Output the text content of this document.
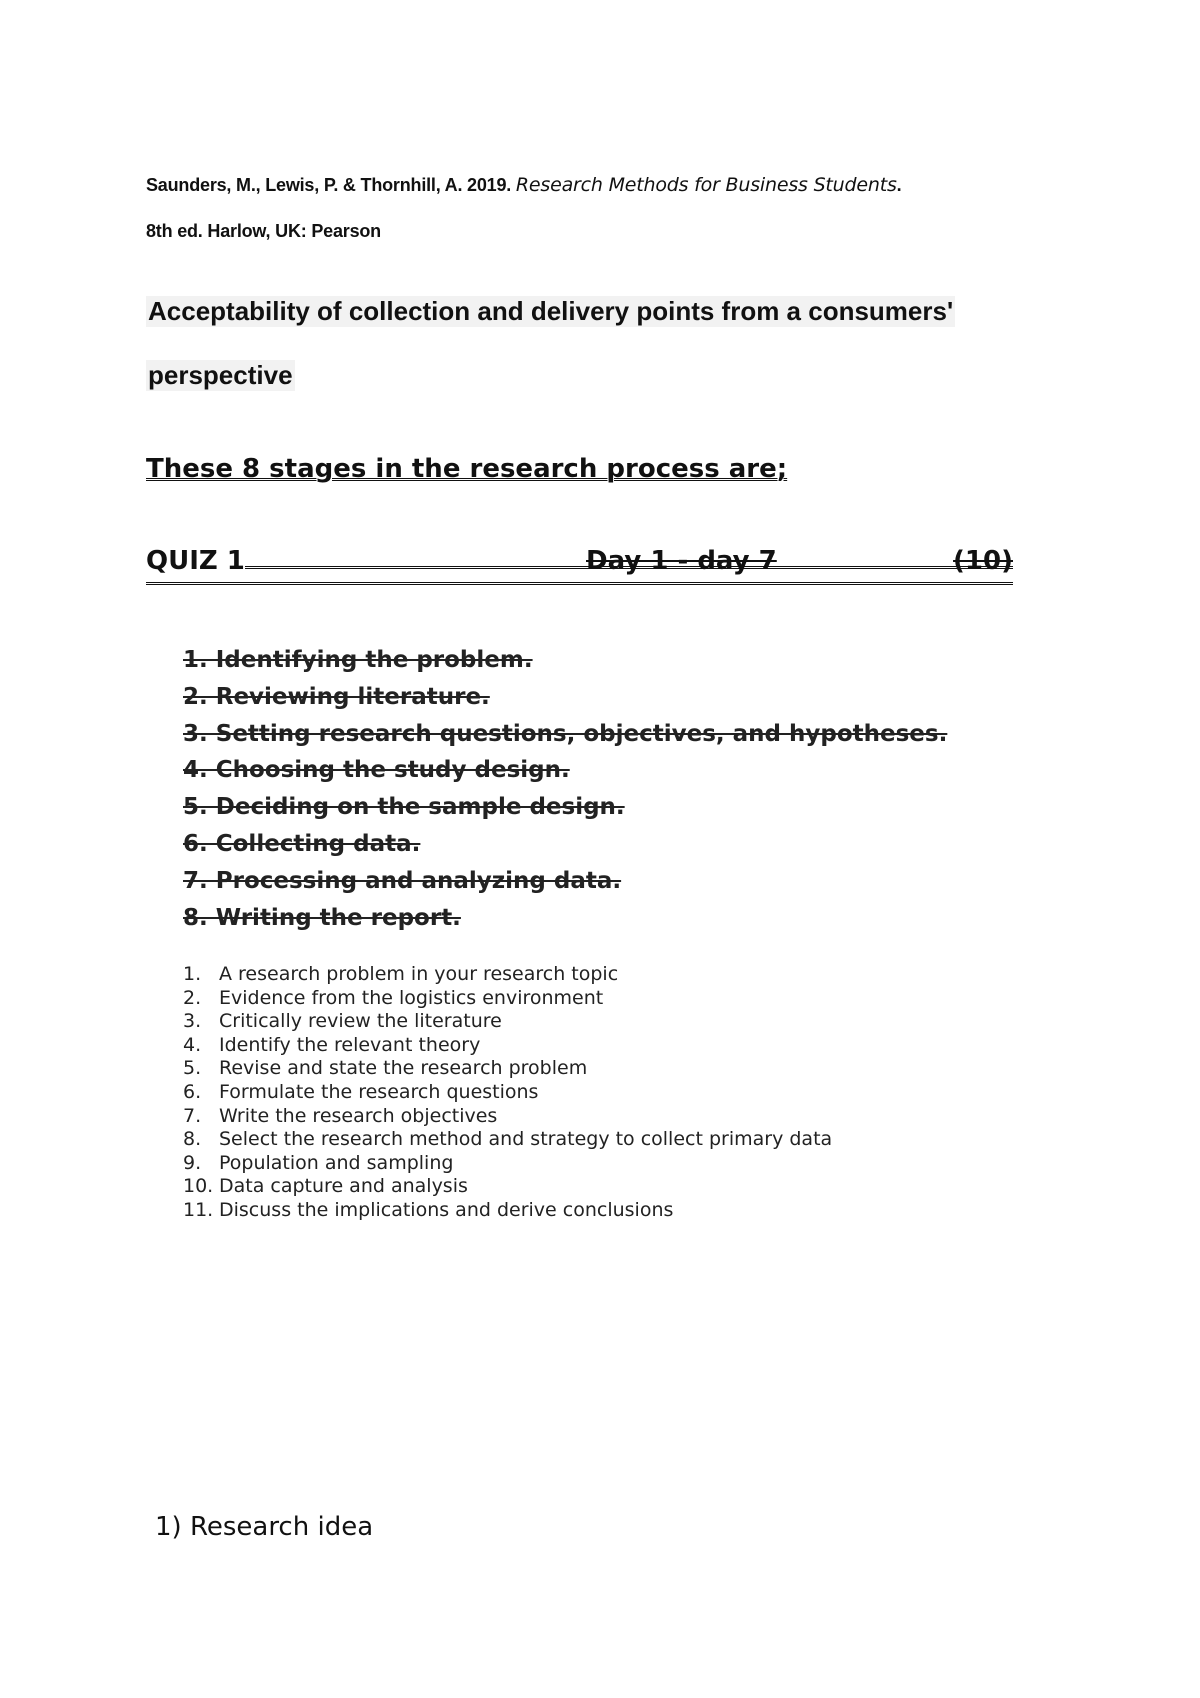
Saunders, M., Lewis, P. & Thornhill, A. 2019. Research Methods for Business Students.
8th ed. Harlow, UK: Pearson
Acceptability of collection and delivery points from a consumers'
perspective
These 8 stages in the research process are;
QUIZ 1	Day 1 - day 7	(10)
1. Identifying the problem.
2. Reviewing literature.
3. Setting research questions, objectives, and hypotheses.
4. Choosing the study design.
5. Deciding on the sample design.
6. Collecting data.
7. Processing and analyzing data.
8. Writing the report.
1. A research problem in your research topic
2. Evidence from the logistics environment
3. Critically review the literature
4. Identify the relevant theory
5. Revise and state the research problem
6. Formulate the research questions
7. Write the research objectives
8. Select the research method and strategy to collect primary data
9. Population and sampling
10. Data capture and analysis
11. Discuss the implications and derive conclusions
1) Research idea
